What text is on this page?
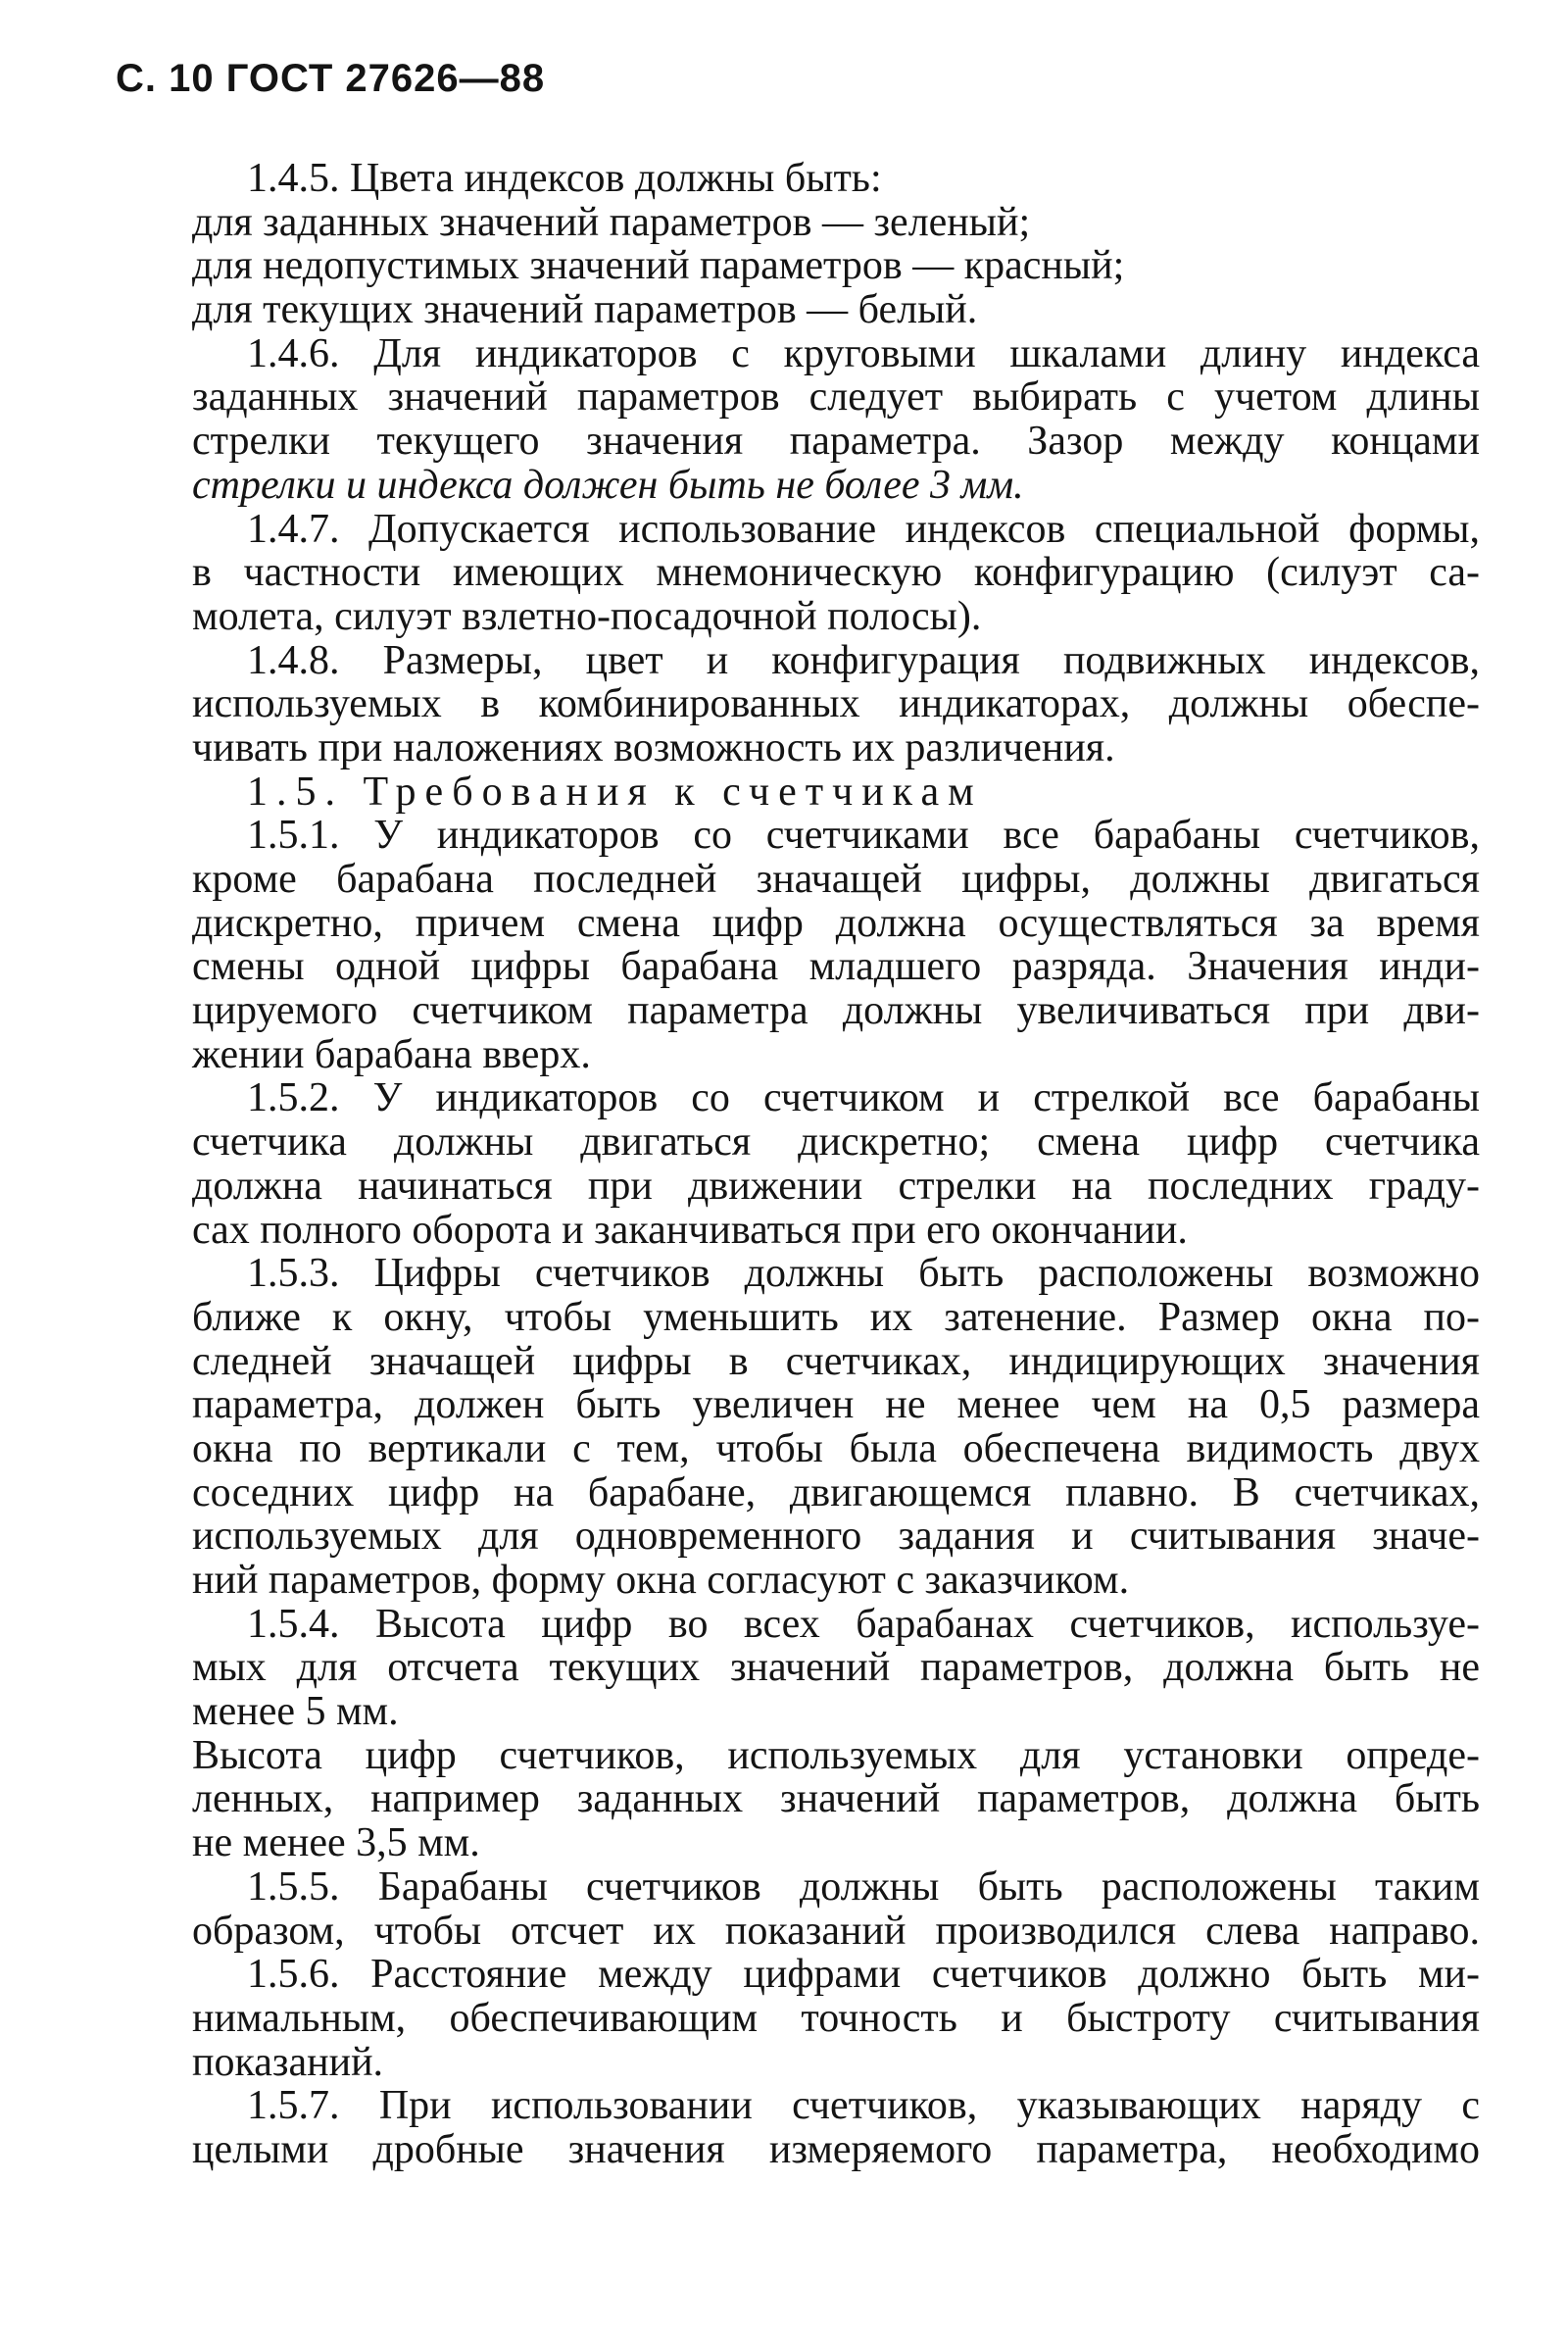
С. 10 ГОСТ 27626—88
1.4.5. Цвета индексов должны быть:
для заданных значений параметров — зеленый;
для недопустимых значений параметров — красный;
для текущих значений параметров — белый.
1.4.6. Для индикаторов с круговыми шкалами длину индекса
заданных значений параметров следует выбирать с учетом длины
стрелки текущего значения параметра. Зазор между концами
стрелки и индекса должен быть не более 3 мм.
1.4.7. Допускается использование индексов специальной формы,
в частности имеющих мнемоническую конфигурацию (силуэт са-
молета, силуэт взлетно-посадочной полосы).
1.4.8. Размеры, цвет и конфигурация подвижных индексов,
используемых в комбинированных индикаторах, должны обеспе-
чивать при наложениях возможность их различения.
1.5. Требования к счетчикам
1.5.1. У индикаторов со счетчиками все барабаны счетчиков,
кроме барабана последней значащей цифры, должны двигаться
дискретно, причем смена цифр должна осуществляться за время
смены одной цифры барабана младшего разряда. Значения инди-
цируемого счетчиком параметра должны увеличиваться при дви-
жении барабана вверх.
1.5.2. У индикаторов со счетчиком и стрелкой все барабаны
счетчика должны двигаться дискретно; смена цифр счетчика
должна начинаться при движении стрелки на последних граду-
сах полного оборота и заканчиваться при его окончании.
1.5.3. Цифры счетчиков должны быть расположены возможно
ближе к окну, чтобы уменьшить их затенение. Размер окна по-
следней значащей цифры в счетчиках, индицирующих значения
параметра, должен быть увеличен не менее чем на 0,5 размера
окна по вертикали с тем, чтобы была обеспечена видимость двух
соседних цифр на барабане, двигающемся плавно. В счетчиках,
используемых для одновременного задания и считывания значе-
ний параметров, форму окна согласуют с заказчиком.
1.5.4. Высота цифр во всех барабанах счетчиков, используе-
мых для отсчета текущих значений параметров, должна быть не
менее 5 мм.
Высота цифр счетчиков, используемых для установки опреде-
ленных, например заданных значений параметров, должна быть
не менее 3,5 мм.
1.5.5. Барабаны счетчиков должны быть расположены таким
образом, чтобы отсчет их показаний производился слева направо.
1.5.6. Расстояние между цифрами счетчиков должно быть ми-
нимальным, обеспечивающим точность и быстроту считывания
показаний.
1.5.7. При использовании счетчиков, указывающих наряду с
целыми дробные значения измеряемого параметра, необходимо
